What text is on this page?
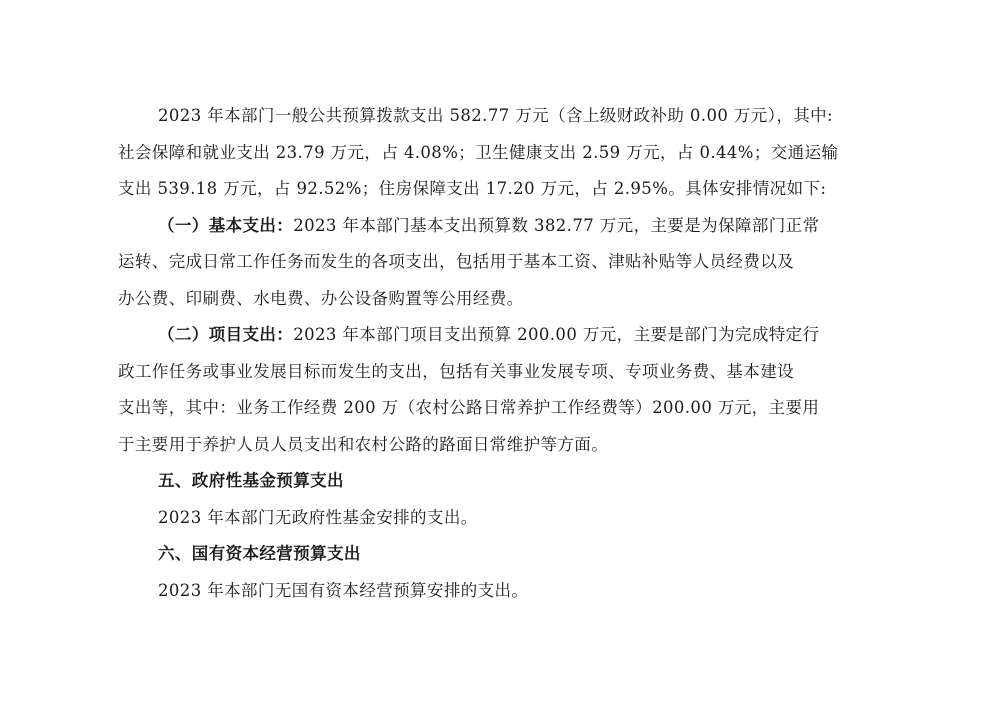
2023 年本部门一般公共预算拨款支出 582.77 万元（含上级财政补助 0.00 万元），其中:
社会保障和就业支出 23.79 万元，占 4.08%；卫生健康支出 2.59 万元，占 0.44%；交通运输
支出 539.18 万元，占 92.52%；住房保障支出 17.20 万元，占 2.95%。具体安排情况如下:
（一）基本支出：2023 年本部门基本支出预算数 382.77 万元，主要是为保障部门正常
运转、完成日常工作任务而发生的各项支出，包括用于基本工资、津贴补贴等人员经费以及
办公费、印刷费、水电费、办公设备购置等公用经费。
（二）项目支出：2023 年本部门项目支出预算 200.00 万元，主要是部门为完成特定行
政工作任务或事业发展目标而发生的支出，包括有关事业发展专项、专项业务费、基本建设
支出等，其中：业务工作经费 200 万（农村公路日常养护工作经费等）200.00 万元，主要用
于主要用于养护人员人员支出和农村公路的路面日常维护等方面。
五、政府性基金预算支出
2023 年本部门无政府性基金安排的支出。
六、国有资本经营预算支出
2023 年本部门无国有资本经营预算安排的支出。
